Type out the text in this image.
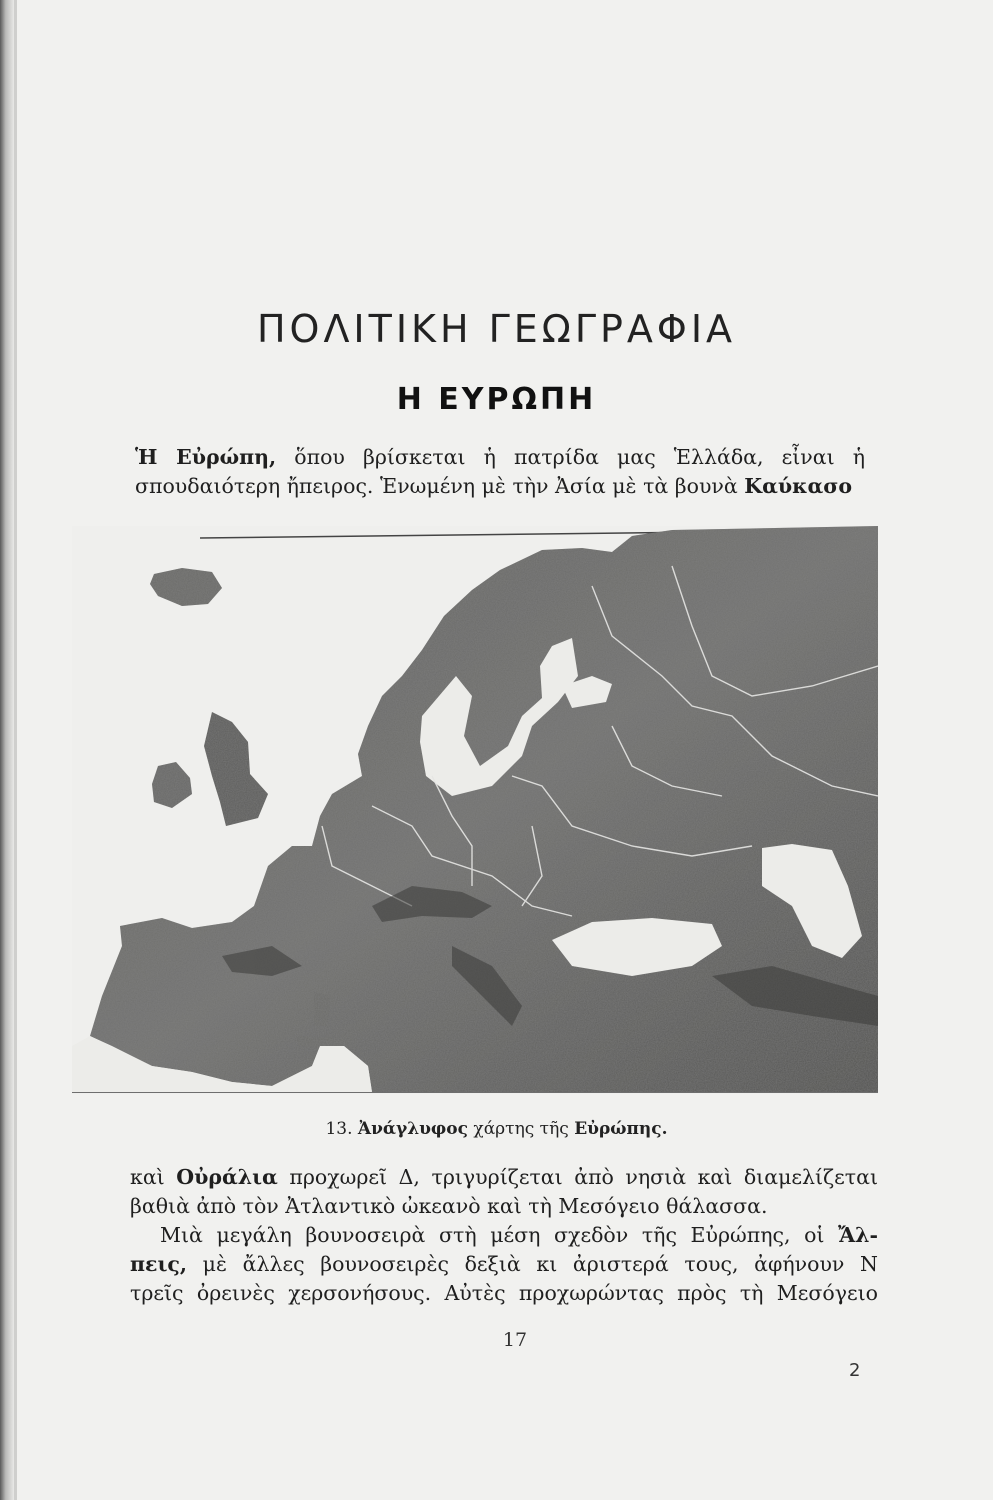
ΠΟΛΙΤΙΚΗ ΓΕΩΓΡΑΦΙΑ
Η ΕΥΡΩΠΗ
Ἡ Εὐρώπη, ὅπου βρίσκεται ἡ πατρίδα μας Ἑλλάδα, εἶναι ἡ
σπουδαιότερη ἤπειρος. Ἑνωμένη μὲ τὴν Ἀσία μὲ τὰ βουνὰ Καύκασο
13. Ἀνάγλυφος χάρτης τῆς Εὐρώπης.
καὶ Οὐράλια προχωρεῖ Δ, τριγυρίζεται ἀπὸ νησιὰ καὶ διαμελίζεται
βαθιὰ ἀπὸ τὸν Ἀτλαντικὸ ὠκεανὸ καὶ τὴ Μεσόγειο θάλασσα.
Μιὰ μεγάλη βουνοσειρὰ στὴ μέση σχεδὸν τῆς Εὐρώπης, οἱ Ἄλ-
πεις, μὲ ἄλλες βουνοσειρὲς δεξιὰ κι ἀριστερά τους, ἀφήνουν Ν
τρεῖς ὀρεινὲς χερσονήσους. Αὐτὲς προχωρώντας πρὸς τὴ Μεσόγειο
17
2
